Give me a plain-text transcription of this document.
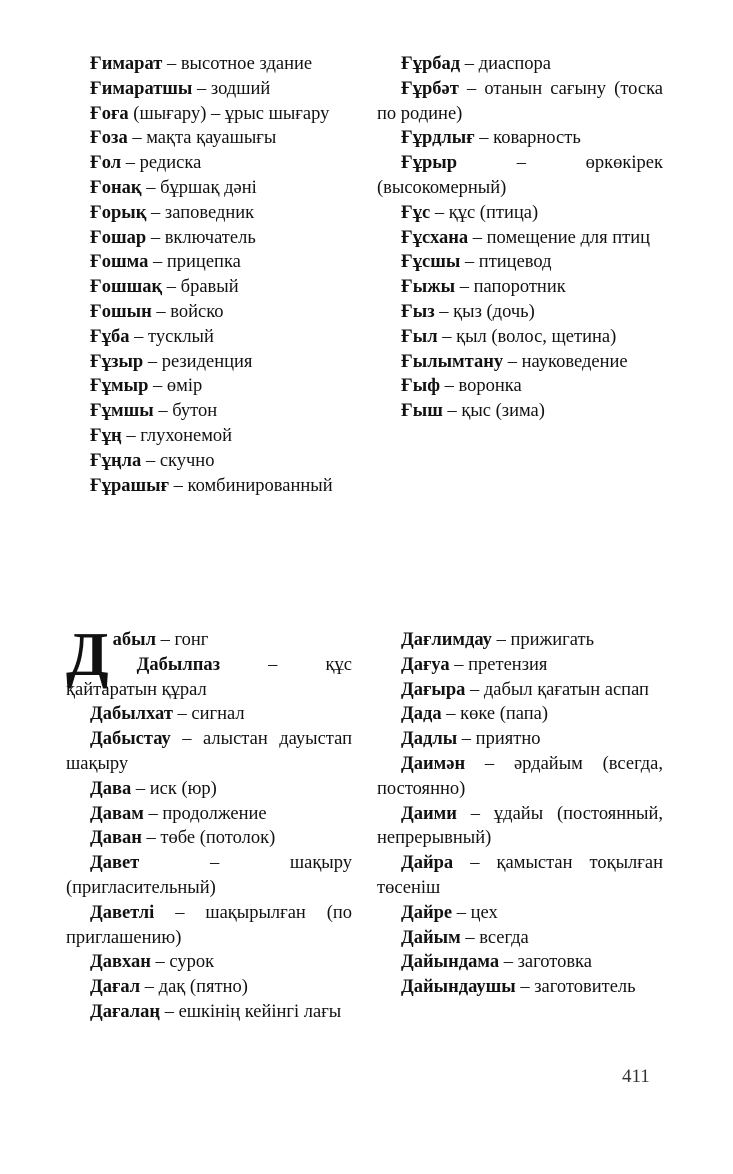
Ғимарат – высотное здание

Ғимаратшы – зодший

Ғоға (шығару) – ұрыс шығару

Ғоза – мақта қауашығы

Ғол – редиска

Ғонақ – бұршақ дәні

Ғорық – заповедник

Ғошар – включатель

Ғошма – прицепка

Ғошшақ – бравый

Ғошын – войско

Ғұба – тусклый

Ғұзыр – резиденция

Ғұмыр – өмір

Ғұмшы – бутон

Ғұң – глухонемой

Ғұңла – скучно

Ғұрашығ – комбинированный

Ғұрбад – диаспора

Ғұрбәт – отанын сағыну (тоска по родине)

Ғұрдлығ – коварность

Ғұрыр – өркөкірек (высокомерный)

Ғұс – құс (птица)

Ғұсхана – помещение для птиц

Ғұсшы – птицевод

Ғыжы – папоротник

Ғыз – қыз (дочь)

Ғыл – қыл (волос, щетина)

Ғылымтану – науковедение

Ғыф – воронка

Ғыш – қыс (зима)

Дабыл – гонг

Дабылпаз – құс қайтаратын құрал

Дабылхат – сигнал

Дабыстау – алыстан дауыстап шақыру

Дава – иск (юр)

Давам – продолжение

Даван – төбе (потолок)

Давет – шақыру (пригласительный)

Даветлі – шақырылған (по приглашению)

Давхан – сурок

Дағал – дақ (пятно)

Дағалаң – ешкінің кейінгі лағы

Дағлимдау – прижигать

Дағуа – претензия

Дағыра – дабыл қағатын аспап

Дада – көке (папа)

Дадлы – приятно

Даимән – әрдайым (всегда, постоянно)

Даими – ұдайы (постоянный, непрерывный)

Дайра – қамыстан тоқылған төсеніш

Дайре – цех

Дайым – всегда

Дайындама – заготовка

Дайындаушы – заготовитель

411
